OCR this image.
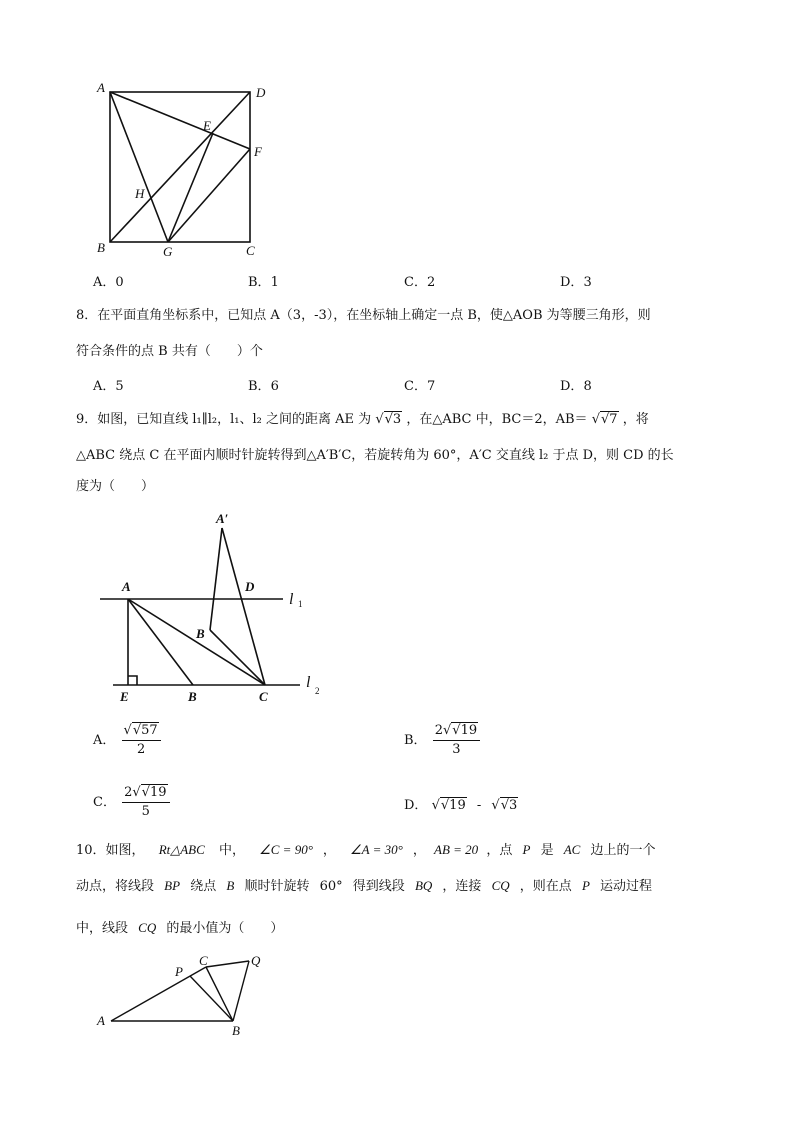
A	D
E
F
H
B	G	C
A．0	B．1	C．2	D．3
8．在平面直角坐标系中，已知点 A（3，-3），在坐标轴上确定一点 B，使△AOB 为等腰三角形，则
符合条件的点 B 共有（　　）个
A．5	B．6	C．7	D．8
9．如图，已知直线 l₁∥l₂，l₁、l₂ 之间的距离 AE 为 √ √ 3 ，在△ABC 中，BC＝2，AB＝ √ √ 7 ，将
△ABC 绕点 C 在平面内顺时针旋转得到△A′B′C，若旋转角为 60°，A′C 交直线 l₂ 于点 D，则 CD 的长
度为（　　）
A′
A	D
l 1
B
E	B	C
l 2
A． $\frac{√ √ 57}{2}$	B． $\frac{2√ √ 19}{3}$
C． $\frac{2√ √ 19}{5}$	D． √ √ 19 - √ √ 3
10．如图， Rt△ABC 中， ∠C = 90° ， ∠A = 30° ， AB = 20 ，点 P 是 AC 边上的一个
动点，将线段 BP 绕点 B 顺时针旋转 60° 得到线段 BQ ，连接 CQ ，则在点 P 运动过程
中，线段 CQ 的最小值为（　　）
A
B
C
P
Q
